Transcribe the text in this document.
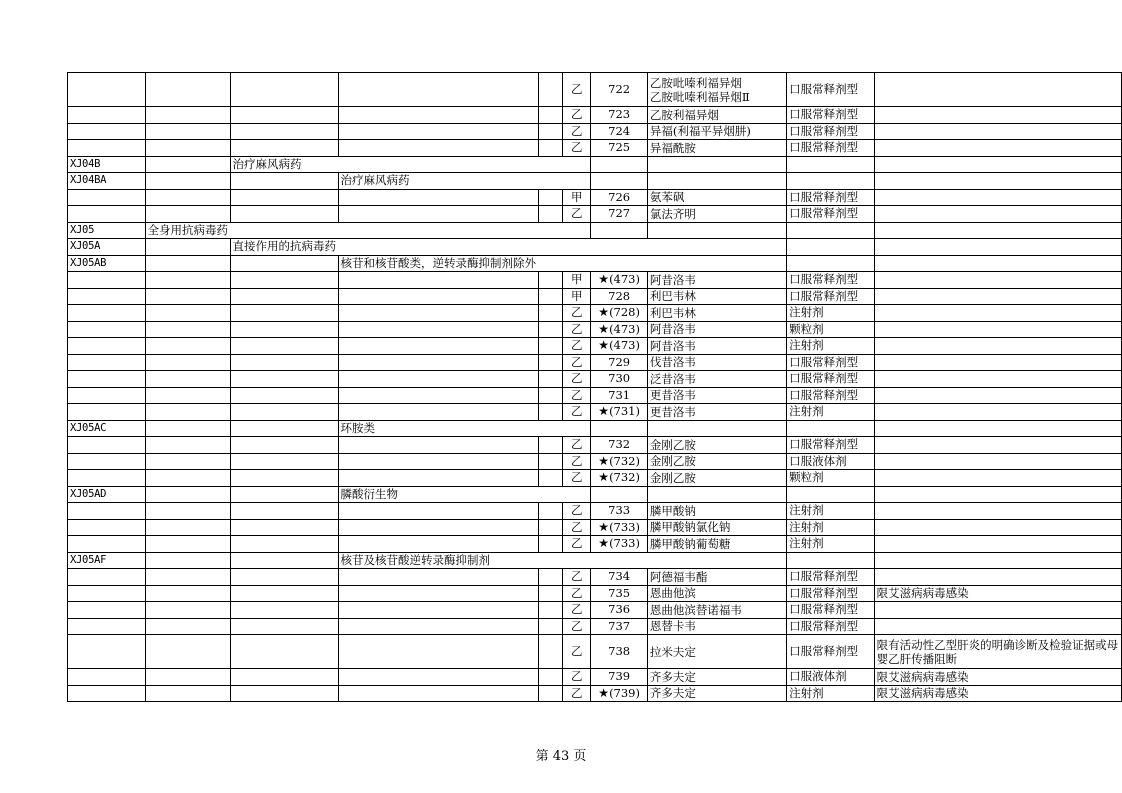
					乙	722	乙胺吡嗪利福异烟
乙胺吡嗪利福异烟Ⅱ	口服常释剂型	
					乙	723	乙胺利福异烟	口服常释剂型	
					乙	724	异福(利福平异烟肼)	口服常释剂型	
					乙	725	异福酰胺	口服常释剂型	
XJ04B		治疗麻风病药							
XJ04BA			治疗麻风病药						
					甲	726	氨苯砜	口服常释剂型	
					乙	727	氯法齐明	口服常释剂型	
XJ05	全身用抗病毒药								
XJ05A		直接作用的抗病毒药							
XJ05AB			核苷和核苷酸类，逆转录酶抑制剂除外						
					甲	★(473)	阿昔洛韦	口服常释剂型	
					甲	728	利巴韦林	口服常释剂型	
					乙	★(728)	利巴韦林	注射剂	
					乙	★(473)	阿昔洛韦	颗粒剂	
					乙	★(473)	阿昔洛韦	注射剂	
					乙	729	伐昔洛韦	口服常释剂型	
					乙	730	泛昔洛韦	口服常释剂型	
					乙	731	更昔洛韦	口服常释剂型	
					乙	★(731)	更昔洛韦	注射剂	
XJ05AC			环胺类						
					乙	732	金刚乙胺	口服常释剂型	
					乙	★(732)	金刚乙胺	口服液体剂	
					乙	★(732)	金刚乙胺	颗粒剂	
XJ05AD			膦酸衍生物						
					乙	733	膦甲酸钠	注射剂	
					乙	★(733)	膦甲酸钠氯化钠	注射剂	
					乙	★(733)	膦甲酸钠葡萄糖	注射剂	
XJ05AF			核苷及核苷酸逆转录酶抑制剂						
					乙	734	阿德福韦酯	口服常释剂型	
					乙	735	恩曲他滨	口服常释剂型	限艾滋病病毒感染
					乙	736	恩曲他滨替诺福韦	口服常释剂型	
					乙	737	恩替卡韦	口服常释剂型	
					乙	738	拉米夫定	口服常释剂型	限有活动性乙型肝炎的明确诊断及检验证据或母婴乙肝传播阻断
					乙	739	齐多夫定	口服液体剂	限艾滋病病毒感染
					乙	★(739)	齐多夫定	注射剂	限艾滋病病毒感染
第 43 页
